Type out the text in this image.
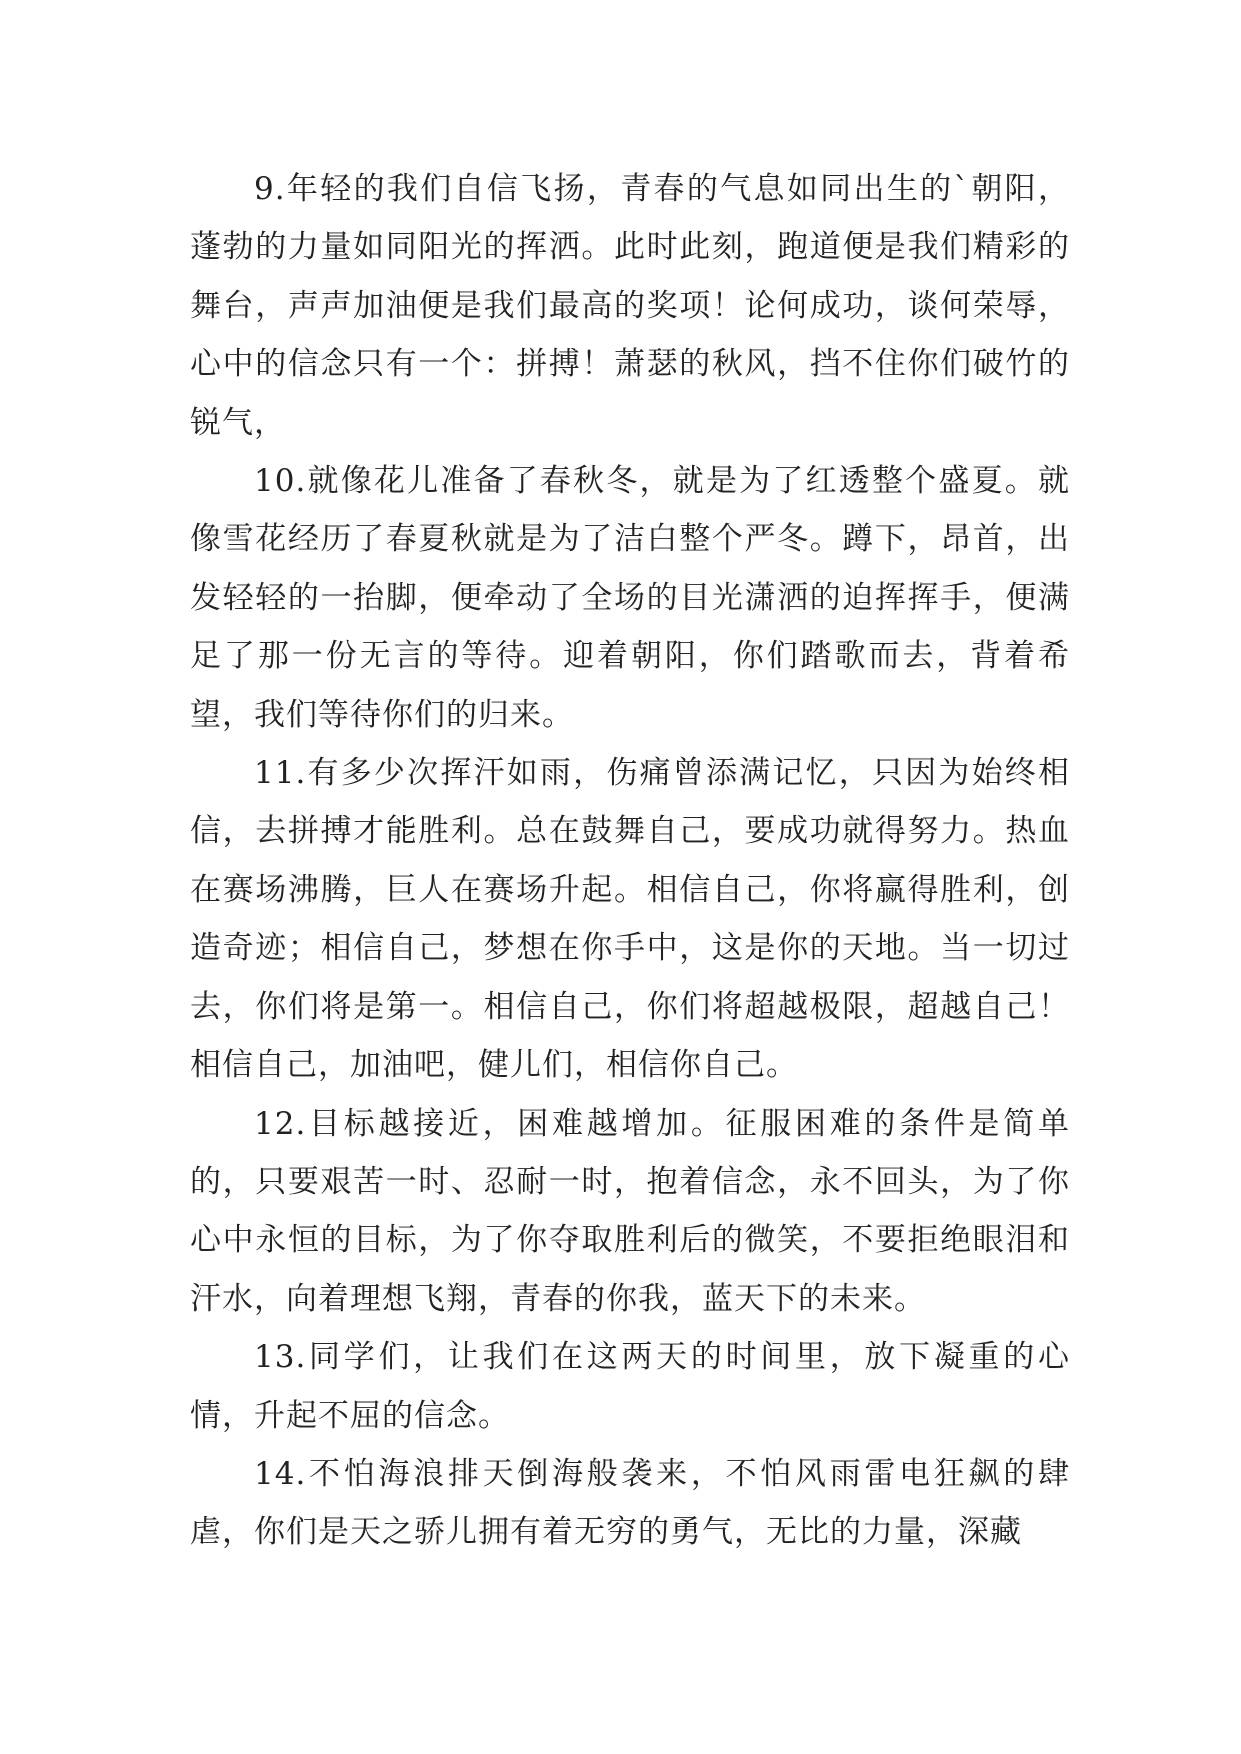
9.年轻的我们自信飞扬，青春的气息如同出生的`朝阳，蓬勃的力量如同阳光的挥洒。此时此刻，跑道便是我们精彩的舞台，声声加油便是我们最高的奖项！论何成功，谈何荣辱，心中的信念只有一个：拼搏！萧瑟的秋风，挡不住你们破竹的锐气，

10.就像花儿准备了春秋冬，就是为了红透整个盛夏。就像雪花经历了春夏秋就是为了洁白整个严冬。蹲下，昂首，出发轻轻的一抬脚，便牵动了全场的目光潇洒的迫挥挥手，便满足了那一份无言的等待。迎着朝阳，你们踏歌而去，背着希望，我们等待你们的归来。

11.有多少次挥汗如雨，伤痛曾添满记忆，只因为始终相信，去拼搏才能胜利。总在鼓舞自己，要成功就得努力。热血在赛场沸腾，巨人在赛场升起。相信自己，你将赢得胜利，创造奇迹；相信自己，梦想在你手中，这是你的天地。当一切过去，你们将是第一。相信自己，你们将超越极限，超越自己！相信自己，加油吧，健儿们，相信你自己。

12.目标越接近，困难越增加。征服困难的条件是简单的，只要艰苦一时、忍耐一时，抱着信念，永不回头，为了你心中永恒的目标，为了你夺取胜利后的微笑，不要拒绝眼泪和汗水，向着理想飞翔，青春的你我，蓝天下的未来。

13.同学们，让我们在这两天的时间里，放下凝重的心情，升起不屈的信念。

14.不怕海浪排天倒海般袭来，不怕风雨雷电狂飙的肆虐，你们是天之骄儿拥有着无穷的勇气，无比的力量，深藏
